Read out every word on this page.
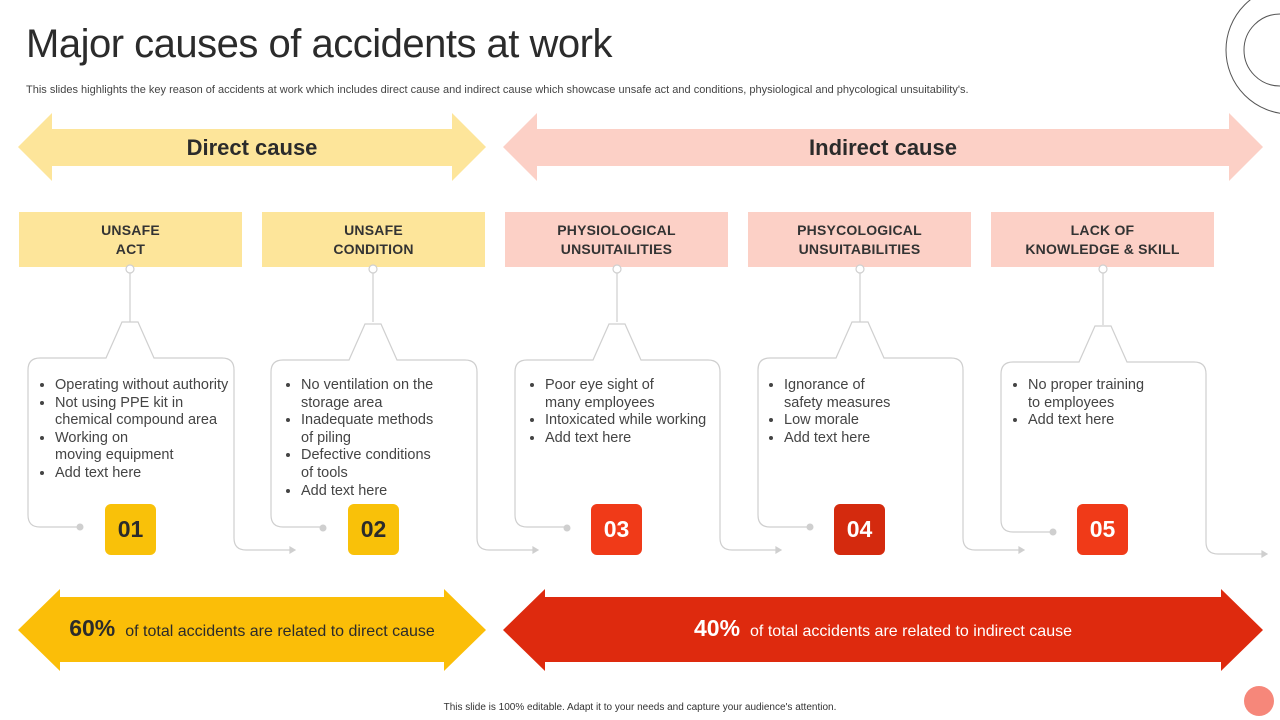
Major causes of accidents at work
This slides highlights the key reason of accidents at work which includes direct cause and indirect cause which showcase unsafe act and conditions, physiological and phycological unsuitability's.
Direct cause	Indirect cause
UNSAFE
ACT
UNSAFE
CONDITION
PHYSIOLOGICAL
UNSUITAILITIES
PHSYCOLOGICAL
UNSUITABILITIES
LACK OF
KNOWLEDGE & SKILL
• Operating without authority
• Not using PPE kit in
chemical compound area
• Working on
moving equipment
• Add text here
• No ventilation on the
storage area
• Inadequate methods
of piling
• Defective conditions
of tools
• Add text here
• Poor eye sight of
many employees
• Intoxicated while working
• Add text here
• Ignorance of
safety measures
• Low morale
• Add text here
• No proper training
to employees
• Add text here
01	02	03	04	05
60% of total accidents are related to direct cause	40% of total accidents are related to indirect cause
This slide is 100% editable. Adapt it to your needs and capture your audience's attention.
